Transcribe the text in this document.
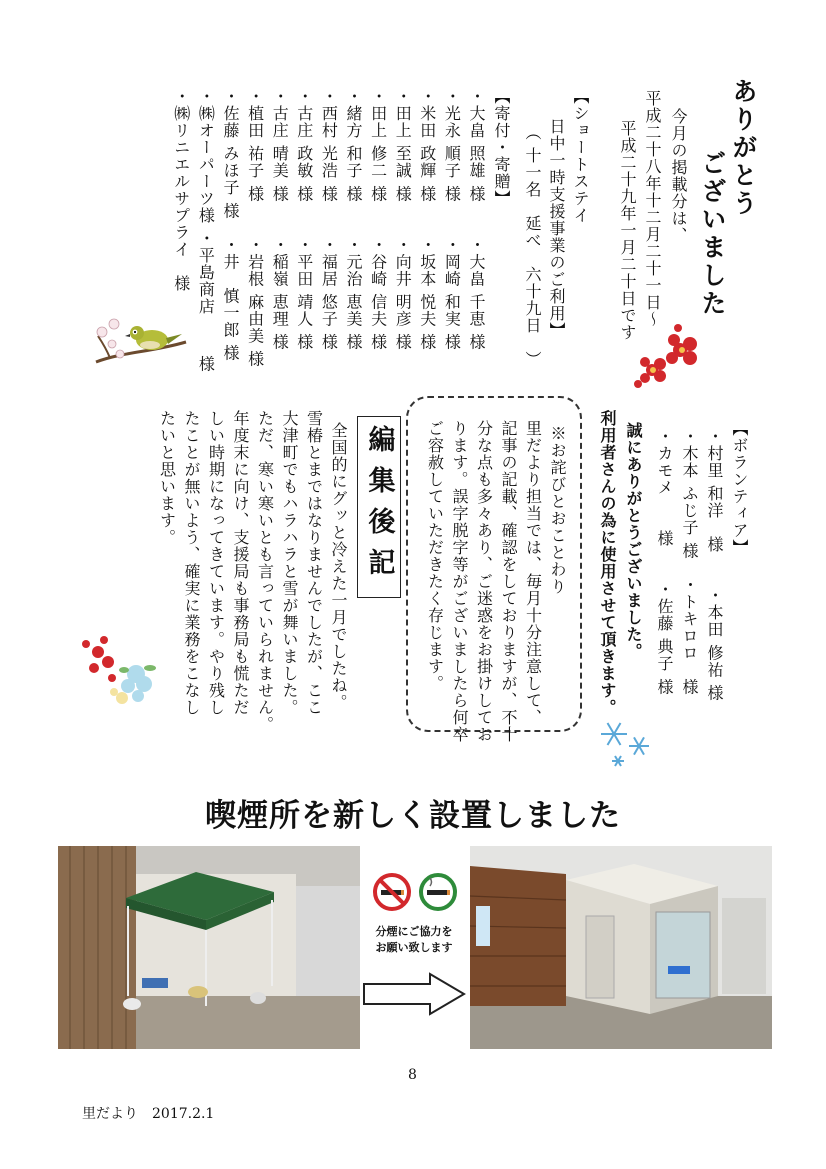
ありがとう
ございました
今月の掲載分は、
平成二十八年十二月二十一日～
平成二十九年一月二十日です
【ショートステイ
日中一時支援事業のご利用】
（ 十一名　延べ　六十九日　）
【寄付・寄贈】
・大畠 照雄 様　　・大畠 千恵 様
・光永 順子 様　　・岡崎 和実 様
・米田 政輝 様　　・坂本 悦夫 様
・田上 至誠 様　　・向井 明彦 様
・田上 修二 様　　・谷崎 信夫 様
・緒方 和子 様　　・元治 恵美 様
・西村 光浩 様　　・福居 悠子 様
・古庄 政敏 様　　・平田 靖人 様
・古庄 晴美 様　　・稲嶺 恵理 様
・植田 祐子 様　　・岩根 麻由美 様
・佐藤 みほ子 様　・井　慎一郎 様
・㈱オーパーツ様 ・平島商店　　 様
・㈱リニエルサプライ　様
【ボランティア】
・村里 和洋　様　　・本田 修祐 様
・木本 ふじ子 様　・トキロロ　様
・カモメ　　様　　・佐藤 典子 様
誠にありがとうございました。
利用者さんの為に使用させて頂きます。
※お詫びとおことわり
里だより担当では、毎月十分注意して、
記事の記載、確認をしておりますが、不十
分な点も多々あり、ご迷惑をお掛けしてお
ります。誤字脱字等がございましたら何卒
ご容赦していただきたく存じます。
編集後記
全国的にグッと冷えた一月でしたね。
雪椿とまではなりませんでしたが、ここ
大津町でもハラハラと雪が舞いました。
ただ、寒い寒いとも言っていられません。
年度末に向け、支援局も事務局も慌ただ
しい時期になってきています。やり残し
たことが無いよう、確実に業務をこなし
たいと思います。
喫煙所を新しく設置しました
分煙にご協力を
お願い致します
8
里だより　2017.2.1
